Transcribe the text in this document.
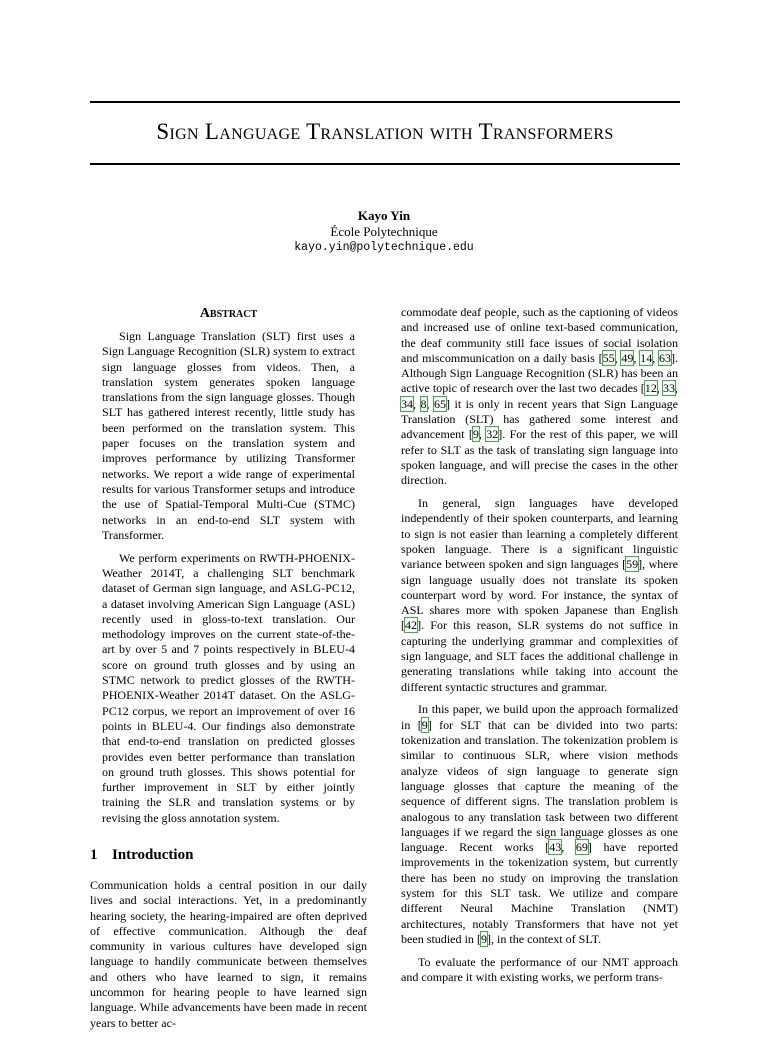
Sign Language Translation with Transformers
Kayo Yin
École Polytechnique
kayo.yin@polytechnique.edu
Abstract

Sign Language Translation (SLT) first uses a Sign Language Recognition (SLR) system to extract sign language glosses from videos. Then, a translation system generates spoken language translations from the sign language glosses. Though SLT has gathered interest recently, little study has been performed on the translation system. This paper focuses on the translation system and improves performance by utilizing Transformer networks. We report a wide range of experimental results for various Transformer setups and introduce the use of Spatial-Temporal Multi-Cue (STMC) networks in an end-to-end SLT system with Transformer.

We perform experiments on RWTH-PHOENIX-Weather 2014T, a challenging SLT benchmark dataset of German sign language, and ASLG-PC12, a dataset involving American Sign Language (ASL) recently used in gloss-to-text translation. Our methodology improves on the current state-of-the-art by over 5 and 7 points respectively in BLEU-4 score on ground truth glosses and by using an STMC network to predict glosses of the RWTH-PHOENIX-Weather 2014T dataset. On the ASLG-PC12 corpus, we report an improvement of over 16 points in BLEU-4. Our findings also demonstrate that end-to-end translation on predicted glosses provides even better performance than translation on ground truth glosses. This shows potential for further improvement in SLT by either jointly training the SLR and translation systems or by revising the gloss annotation system.

1 Introduction

Communication holds a central position in our daily lives and social interactions. Yet, in a predominantly hearing society, the hearing-impaired are often deprived of effective communication. Although the deaf community in various cultures have developed sign language to handily communicate between themselves and others who have learned to sign, it remains uncommon for hearing people to have learned sign language. While advancements have been made in recent years to better ac-

commodate deaf people, such as the captioning of videos and increased use of online text-based communication, the deaf community still face issues of social isolation and miscommunication on a daily basis [55, 49, 14, 63]. Although Sign Language Recognition (SLR) has been an active topic of research over the last two decades [12, 33, 34, 8, 65] it is only in recent years that Sign Language Translation (SLT) has gathered some interest and advancement [9, 32]. For the rest of this paper, we will refer to SLT as the task of translating sign language into spoken language, and will precise the cases in the other direction.

In general, sign languages have developed independently of their spoken counterparts, and learning to sign is not easier than learning a completely different spoken language. There is a significant linguistic variance between spoken and sign languages [59], where sign language usually does not translate its spoken counterpart word by word. For instance, the syntax of ASL shares more with spoken Japanese than English [42]. For this reason, SLR systems do not suffice in capturing the underlying grammar and complexities of sign language, and SLT faces the additional challenge in generating translations while taking into account the different syntactic structures and grammar.

In this paper, we build upon the approach formalized in [9] for SLT that can be divided into two parts: tokenization and translation. The tokenization problem is similar to continuous SLR, where vision methods analyze videos of sign language to generate sign language glosses that capture the meaning of the sequence of different signs. The translation problem is analogous to any translation task between two different languages if we regard the sign language glosses as one language. Recent works [43, 69] have reported improvements in the tokenization system, but currently there has been no study on improving the translation system for this SLT task. We utilize and compare different Neural Machine Translation (NMT) architectures, notably Transformers that have not yet been studied in [9], in the context of SLT.

To evaluate the performance of our NMT approach and compare it with existing works, we perform trans-
